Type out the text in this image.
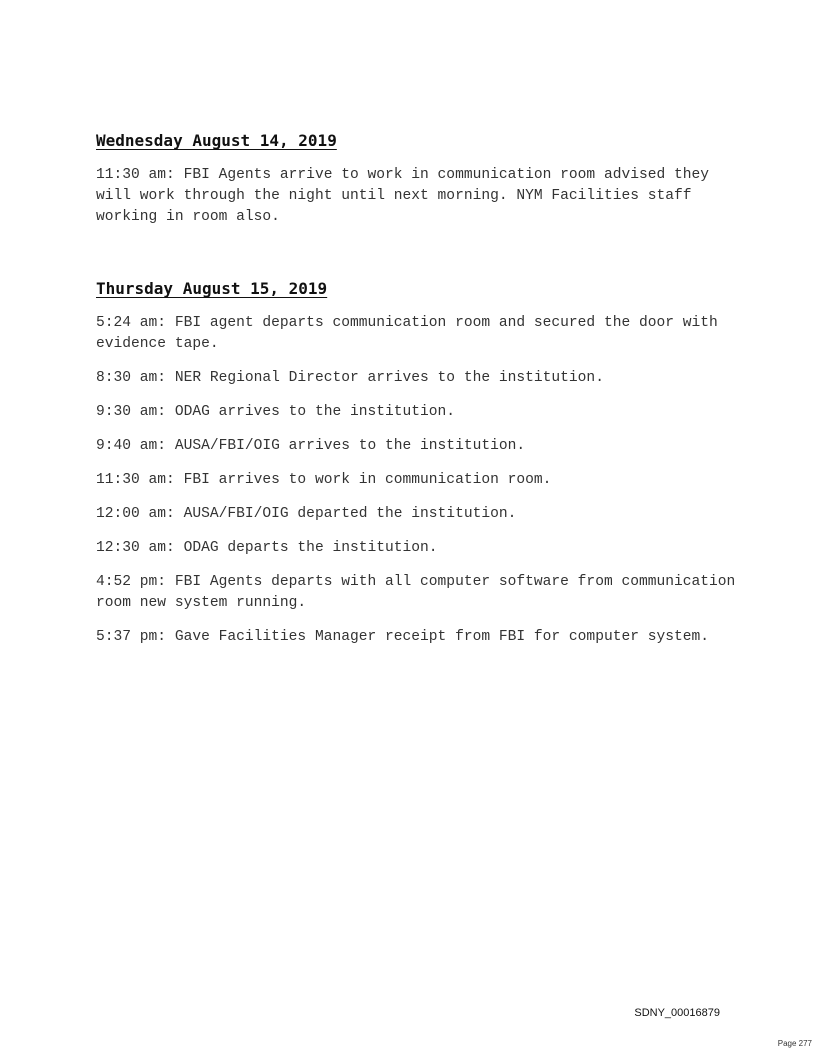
Wednesday August 14, 2019

11:30 am: FBI Agents arrive to work in communication room advised they will work through the night until next morning. NYM Facilities staff working in room also.

Thursday August 15, 2019

5:24 am: FBI agent departs communication room and secured the door with evidence tape.

8:30 am: NER Regional Director arrives to the institution.

9:30 am: ODAG arrives to the institution.

9:40 am: AUSA/FBI/OIG arrives to the institution.

11:30 am: FBI arrives to work in communication room.

12:00 am: AUSA/FBI/OIG departed the institution.

12:30 am: ODAG departs the institution.

4:52 pm: FBI Agents departs with all computer software from communication room new system running.

5:37 pm: Gave Facilities Manager receipt from FBI for computer system.

SDNY_00016879
Page 277
